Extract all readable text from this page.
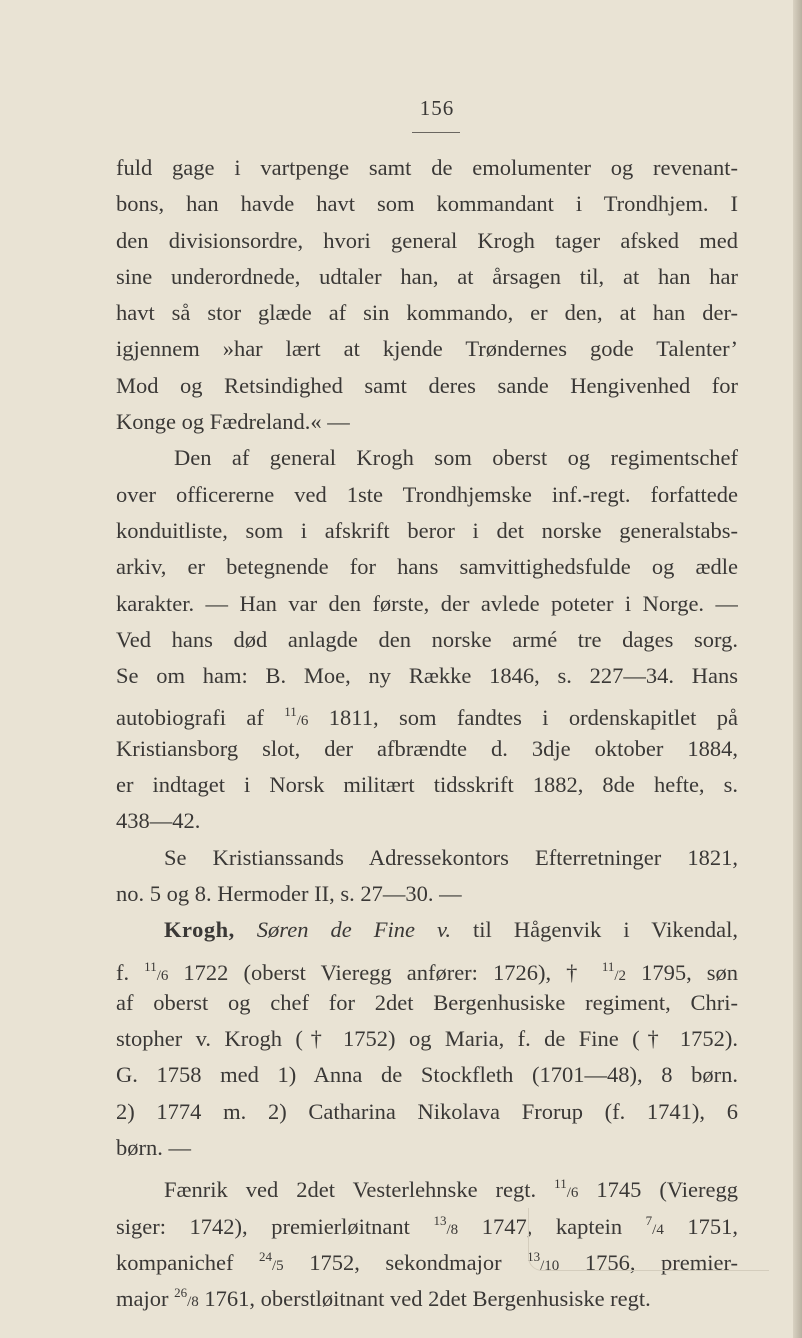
156
fuld gage i vartpenge samt de emolumenter og revenant-
bons, han havde havt som kommandant i Trondhjem. I
den divisionsordre, hvori general Krogh tager afsked med
sine underordnede, udtaler han, at årsagen til, at han har
havt så stor glæde af sin kommando, er den, at han der-
igjennem »har lært at kjende Trøndernes gode Talenter’
Mod og Retsindighed samt deres sande Hengivenhed for
Konge og Fædreland.« —
Den af general Krogh som oberst og regimentschef
over officererne ved 1ste Trondhjemske inf.-regt. forfattede
konduitliste, som i afskrift beror i det norske generalstabs-
arkiv, er betegnende for hans samvittighedsfulde og ædle
karakter. — Han var den første, der avlede poteter i Norge. —
Ved hans død anlagde den norske armé tre dages sorg.
Se om ham: B. Moe, ny Række 1846, s. 227—34. Hans
autobiografi af $^{11}$/6 1811, som fandtes i ordenskapitlet på
Kristiansborg slot, der afbrændte d. 3dje oktober 1884,
er indtaget i Norsk militært tidsskrift 1882, 8de hefte, s.
438—42.
Se Kristianssands Adressekontors Efterretninger 1821,
no. 5 og 8. Hermoder II, s. 27—30. —
Krogh, Søren de Fine v. til Hågenvik i Vikendal,
f. $^{11}$/6 1722 (oberst Vieregg anfører: 1726), † $^{11}$/2 1795, søn
af oberst og chef for 2det Bergenhusiske regiment, Chri-
stopher v. Krogh († 1752) og Maria, f. de Fine († 1752).
G. 1758 med 1) Anna de Stockfleth (1701—48), 8 børn.
2) 1774 m. 2) Catharina Nikolava Frorup (f. 1741), 6
børn. —
Fænrik ved 2det Vesterlehnske regt. $^{11}$/6 1745 (Vieregg
siger: 1742), premierløitnant $^{13}$/8 1747, kaptein $^7$/4 1751,
kompanichef $^{24}$/5 1752, sekondmajor $^{13}$/10 1756, premier-
major $^{26}$/8 1761, oberstløitnant ved 2det Bergenhusiske regt.
